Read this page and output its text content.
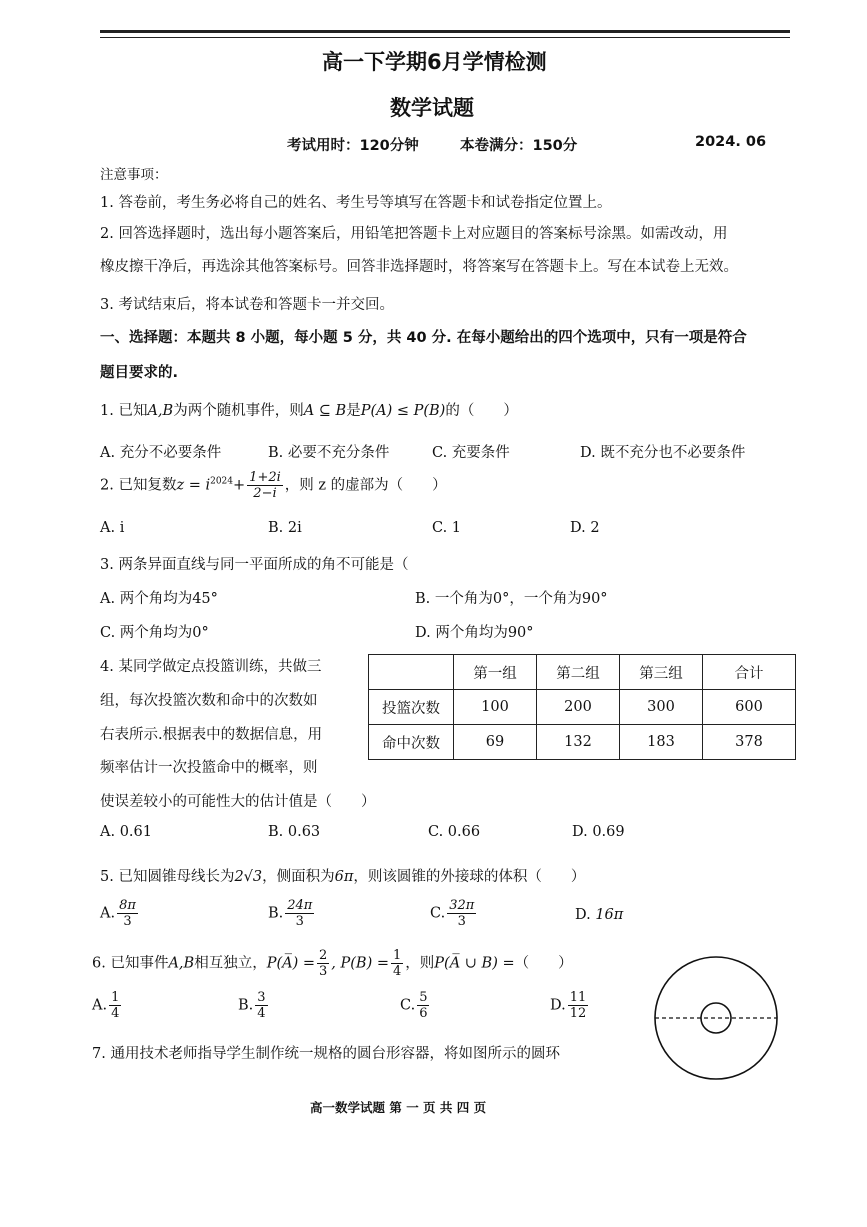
高一下学期6月学情检测
数学试题
考试用时：120分钟	本卷满分：150分	2024. 06
注意事项：
1. 答卷前，考生务必将自己的姓名、考生号等填写在答题卡和试卷指定位置上。
2. 回答选择题时，选出每小题答案后，用铅笔把答题卡上对应题目的答案标号涂黑。如需改动，用
橡皮擦干净后，再选涂其他答案标号。回答非选择题时，将答案写在答题卡上。写在本试卷上无效。
3. 考试结束后，将本试卷和答题卡一并交回。
一、选择题：本题共 8 小题，每小题 5 分，共 40 分. 在每小题给出的四个选项中，只有一项是符合
题目要求的.
1. 已知A,B为两个随机事件，则A ⊆ B是P(A) ≤ P(B)的（　　）
A. 充分不必要条件	B. 必要不充分条件	C. 充要条件	D. 既不充分也不必要条件
2. 已知复数$z = i^{2024}+ \frac{1+2i}{2-i}$ ，则 z 的虚部为（　　）
A. i	B. 2i	C. 1	D. 2
3. 两条异面直线与同一平面所成的角不可能是（
A. 两个角均为45°	B. 一个角为0°，一个角为90°
C. 两个角均为0°	D. 两个角均为90°
4. 某同学做定点投篮训练，共做三
组，每次投篮次数和命中的次数如
右表所示.根据表中的数据信息，用
频率估计一次投篮命中的概率，则
使误差较小的可能性大的估计值是（　　）
	第一组	第二组	第三组	合计
投篮次数	100	200	300	600
命中次数	69	132	183	378
A. 0.61	B. 0.63	C. 0.66	D. 0.69
5. 已知圆锥母线长为2√3，侧面积为6π，则该圆锥的外接球的体积（　　）
A. $\frac{8\pi}{3}$	B. $\frac{24\pi}{3}$	C. $\frac{32\pi}{3}$	D. 16π
6. 已知事件A,B相互独立，P(A̅) = $\frac{2}{3}$ , $P(B) = \frac{1}{4}$ ，则P(A̅ ∪ B) =（　　）
A. $\frac{1}{4}$	B. $\frac{3}{4}$	C. $\frac{5}{6}$	D. $\frac{11}{12}$
7. 通用技术老师指导学生制作统一规格的圆台形容器，将如图所示的圆环
高一数学试题 第 一 页 共 四 页
